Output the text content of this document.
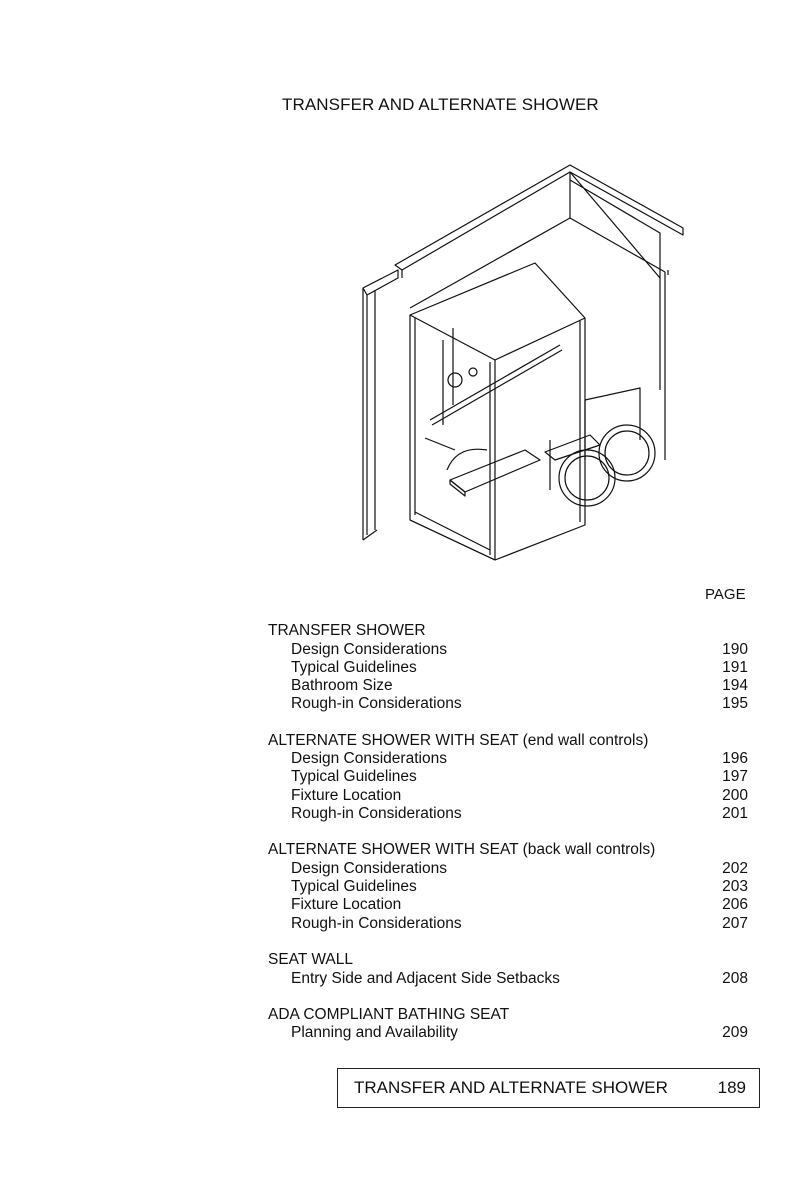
TRANSFER AND ALTERNATE SHOWER
PAGE
TRANSFER SHOWER
Design Considerations	190
Typical Guidelines	191
Bathroom Size	194
Rough-in Considerations	195
ALTERNATE SHOWER WITH SEAT (end wall controls)
Design Considerations	196
Typical Guidelines	197
Fixture Location	200
Rough-in Considerations	201
ALTERNATE SHOWER WITH SEAT (back wall controls)
Design Considerations	202
Typical Guidelines	203
Fixture Location	206
Rough-in Considerations	207
SEAT WALL
Entry Side and Adjacent Side Setbacks	208
ADA COMPLIANT BATHING SEAT
Planning and Availability	209
TRANSFER AND ALTERNATE SHOWER	189
